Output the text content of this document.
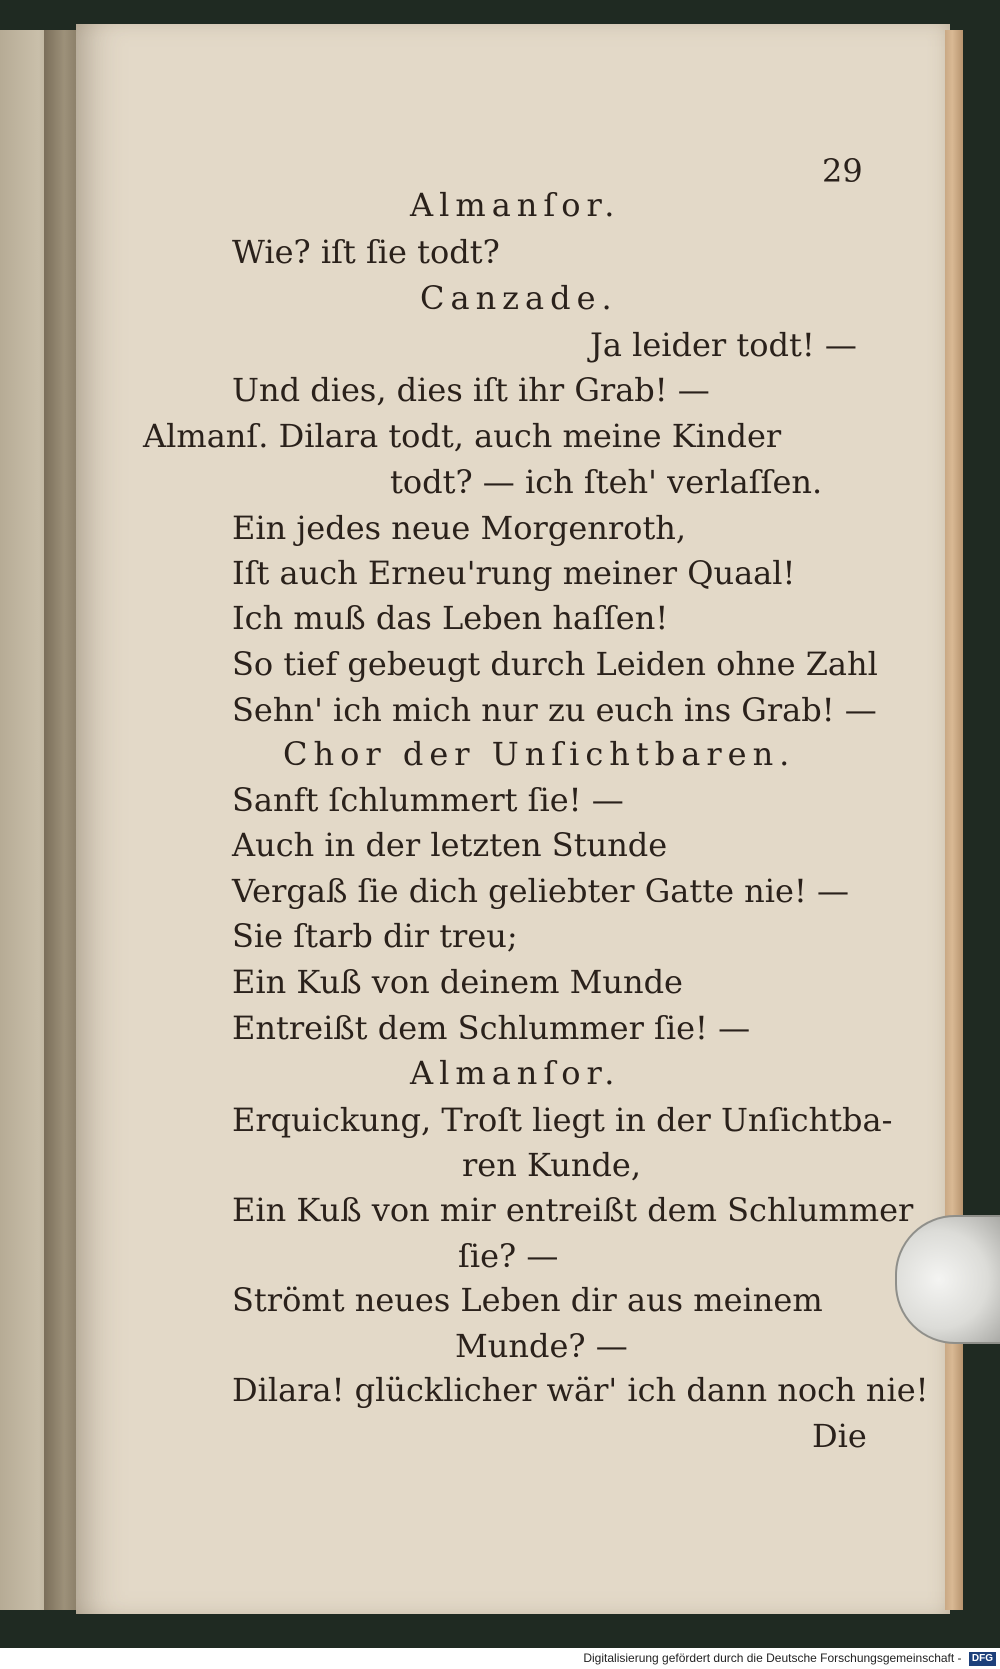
29
Almanſor.
Wie? iſt ſie todt?
Canzade.
Ja leider todt! —
Und dies, dies iſt ihr Grab! —
Almanſ. Dilara todt, auch meine Kinder
todt? — ich ſteh' verlaſſen.
Ein jedes neue Morgenroth,
Iſt auch Erneu'rung meiner Quaal!
Ich muß das Leben haſſen!
So tief gebeugt durch Leiden ohne Zahl
Sehn' ich mich nur zu euch ins Grab! —
Chor der Unſichtbaren.
Sanft ſchlummert ſie! —
Auch in der letzten Stunde
Vergaß ſie dich geliebter Gatte nie! —
Sie ſtarb dir treu;
Ein Kuß von deinem Munde
Entreißt dem Schlummer ſie! —
Almanſor.
Erquickung, Troſt liegt in der Unſichtba-
ren Kunde,
Ein Kuß von mir entreißt dem Schlummer
ſie? —
Strömt neues Leben dir aus meinem
Munde? —
Dilara! glücklicher wär' ich dann noch nie!
Die
Digitalisierung gefördert durch die Deutsche Forschungsgemeinschaft - DFG
